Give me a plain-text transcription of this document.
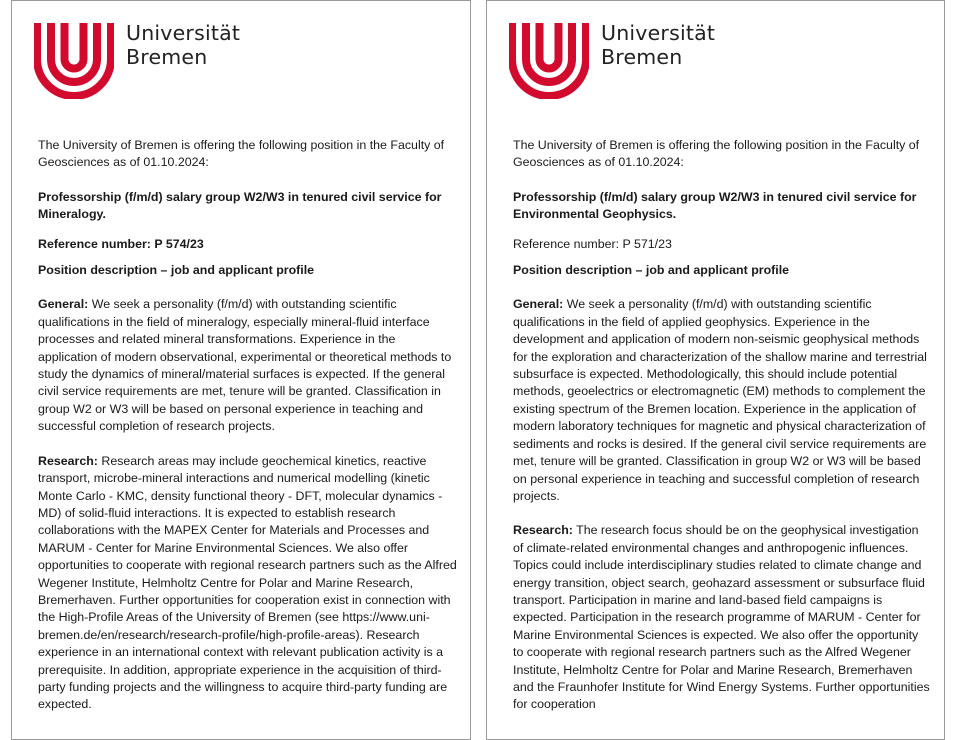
Universität
Bremen

The University of Bremen is offering the following position in the Faculty of Geosciences as of 01.10.2024:

Professorship (f/m/d) salary group W2/W3 in tenured civil service for Mineralogy.

Reference number: P 574/23

Position description – job and applicant profile

General: We seek a personality (f/m/d) with outstanding scientific qualifications in the field of mineralogy, especially mineral-fluid interface processes and related mineral transformations. Experience in the application of modern observational, experimental or theoretical methods to study the dynamics of mineral/material surfaces is expected. If the general civil service requirements are met, tenure will be granted. Classification in group W2 or W3 will be based on personal experience in teaching and successful completion of research projects.

Research: Research areas may include geochemical kinetics, reactive transport, microbe-mineral interactions and numerical modelling (kinetic Monte Carlo - KMC, density functional theory - DFT, molecular dynamics - MD) of solid-fluid interactions. It is expected to establish research collaborations with the MAPEX Center for Materials and Processes and MARUM - Center for Marine Environmental Sciences. We also offer opportunities to cooperate with regional research partners such as the Alfred Wegener Institute, Helmholtz Centre for Polar and Marine Research, Bremerhaven. Further opportunities for cooperation exist in connection with the High-Profile Areas of the University of Bremen (see https://www.uni-bremen.de/en/research/research-profile/high-profile-areas). Research experience in an international context with relevant publication activity is a prerequisite. In addition, appropriate experience in the acquisition of third-party funding projects and the willingness to acquire third-party funding are expected.

Universität
Bremen

The University of Bremen is offering the following position in the Faculty of Geosciences as of 01.10.2024:

Professorship (f/m/d) salary group W2/W3 in tenured civil service for Environmental Geophysics.

Reference number: P 571/23

Position description – job and applicant profile

General: We seek a personality (f/m/d) with outstanding scientific qualifications in the field of applied geophysics. Experience in the development and application of modern non-seismic geophysical methods for the exploration and characterization of the shallow marine and terrestrial subsurface is expected. Methodologically, this should include potential methods, geoelectrics or electromagnetic (EM) methods to complement the existing spectrum of the Bremen location. Experience in the application of modern laboratory techniques for magnetic and physical characterization of sediments and rocks is desired. If the general civil service requirements are met, tenure will be granted. Classification in group W2 or W3 will be based on personal experience in teaching and successful completion of research projects.

Research: The research focus should be on the geophysical investigation of climate-related environmental changes and anthropogenic influences. Topics could include interdisciplinary studies related to climate change and energy transition, object search, geohazard assessment or subsurface fluid transport. Participation in marine and land-based field campaigns is expected. Participation in the research programme of MARUM - Center for Marine Environmental Sciences is expected. We also offer the opportunity to cooperate with regional research partners such as the Alfred Wegener Institute, Helmholtz Centre for Polar and Marine Research, Bremerhaven and the Fraunhofer Institute for Wind Energy Systems. Further opportunities for cooperation
